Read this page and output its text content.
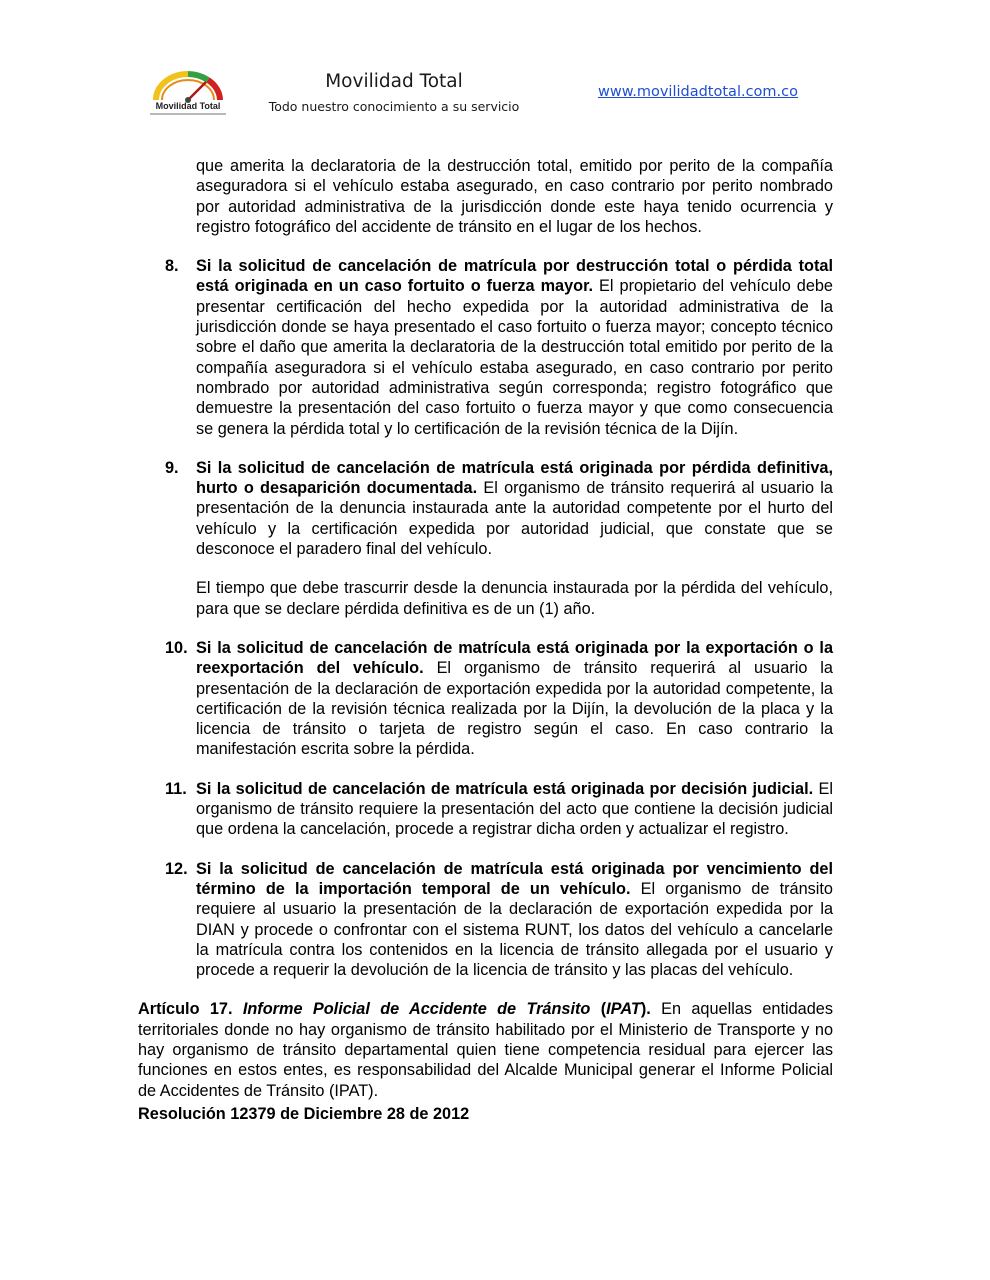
Movilidad Total
Movilidad Total
Todo nuestro conocimiento a su servicio
www.movilidadtotal.com.co

que amerita la declaratoria de la destrucción total, emitido por perito de la compañía aseguradora si el vehículo estaba asegurado, en caso contrario por perito nombrado por autoridad administrativa de la jurisdicción donde este haya tenido ocurrencia y registro fotográfico del accidente de tránsito en el lugar de los hechos.

8. Si la solicitud de cancelación de matrícula por destrucción total o pérdida total está originada en un caso fortuito o fuerza mayor. El propietario del vehículo debe presentar certificación del hecho expedida por la autoridad administrativa de la jurisdicción donde se haya presentado el caso fortuito o fuerza mayor; concepto técnico sobre el daño que amerita la declaratoria de la destrucción total emitido por perito de la compañía aseguradora si el vehículo estaba asegurado, en caso contrario por perito nombrado por autoridad administrativa según corresponda; registro fotográfico que demuestre la presentación del caso fortuito o fuerza mayor y que como consecuencia se genera la pérdida total y lo certificación de la revisión técnica de la Dijín.

9. Si la solicitud de cancelación de matrícula está originada por pérdida definitiva, hurto o desaparición documentada. El organismo de tránsito requerirá al usuario la presentación de la denuncia instaurada ante la autoridad competente por el hurto del vehículo y la certificación expedida por autoridad judicial, que constate que se desconoce el paradero final del vehículo.

El tiempo que debe trascurrir desde la denuncia instaurada por la pérdida del vehículo, para que se declare pérdida definitiva es de un (1) año.

10. Si la solicitud de cancelación de matrícula está originada por la exportación o la reexportación del vehículo. El organismo de tránsito requerirá al usuario la presentación de la declaración de exportación expedida por la autoridad competente, la certificación de la revisión técnica realizada por la Dijín, la devolución de la placa y la licencia de tránsito o tarjeta de registro según el caso. En caso contrario la manifestación escrita sobre la pérdida.

11. Si la solicitud de cancelación de matrícula está originada por decisión judicial. El organismo de tránsito requiere la presentación del acto que contiene la decisión judicial que ordena la cancelación, procede a registrar dicha orden y actualizar el registro.

12. Si la solicitud de cancelación de matrícula está originada por vencimiento del término de la importación temporal de un vehículo. El organismo de tránsito requiere al usuario la presentación de la declaración de exportación expedida por la DIAN y procede o confrontar con el sistema RUNT, los datos del vehículo a cancelarle la matrícula contra los contenidos en la licencia de tránsito allegada por el usuario y procede a requerir la devolución de la licencia de tránsito y las placas del vehículo.

Artículo 17. Informe Policial de Accidente de Tránsito (IPAT). En aquellas entidades territoriales donde no hay organismo de tránsito habilitado por el Ministerio de Transporte y no hay organismo de tránsito departamental quien tiene competencia residual para ejercer las funciones en estos entes, es responsabilidad del Alcalde Municipal generar el Informe Policial de Accidentes de Tránsito (IPAT).

Resolución 12379 de Diciembre 28 de 2012
